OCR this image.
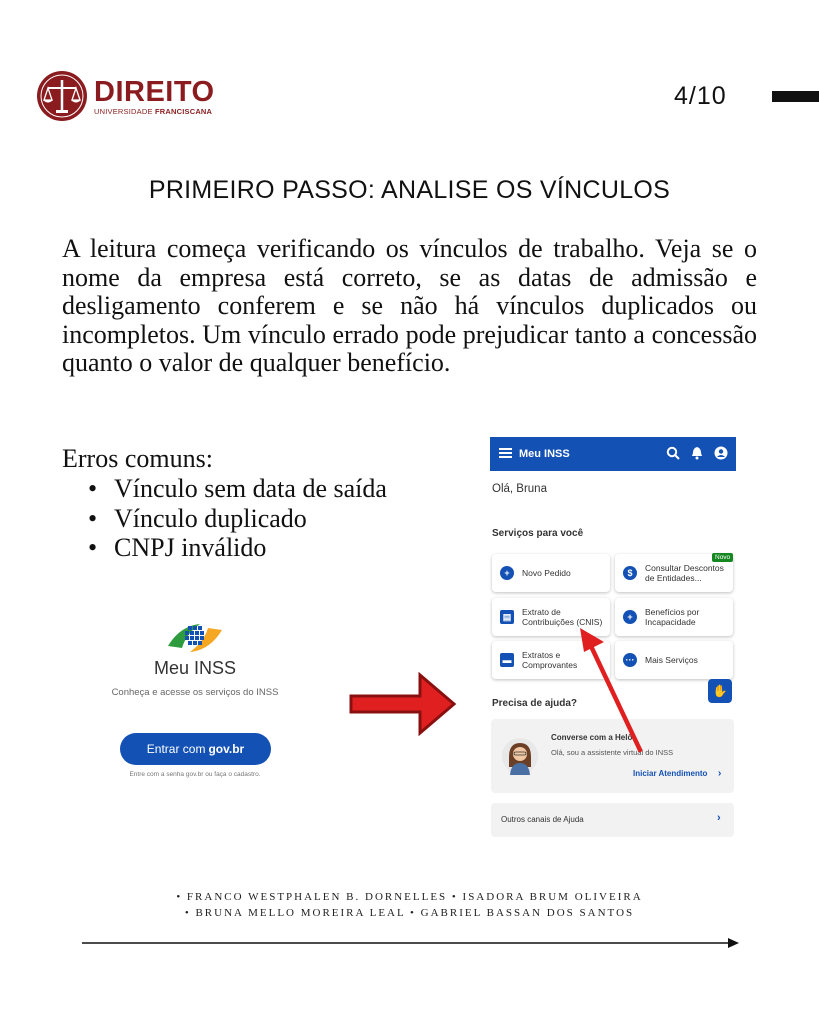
DIREITO
UNIVERSIDADE FRANCISCANA
4/10
PRIMEIRO PASSO: ANALISE OS VÍNCULOS

A leitura começa verificando os vínculos de trabalho. Veja se o nome da empresa está correto, se as datas de admissão e desligamento conferem e se não há vínculos duplicados ou incompletos. Um vínculo errado pode prejudicar tanto a concessão quanto o valor de qualquer benefício.

Erros comuns:
• Vínculo sem data de saída
• Vínculo duplicado
• CNPJ inválido
Meu INSS
Conheça e acesse os serviços do INSS
Entrar com gov.br
Entre com a senha gov.br ou faça o cadastro.
Meu INSS
Olá, Bruna
Serviços para você
+	Novo Pedido	$
Consultar Descontos de Entidades...
Novo
▤	Extrato de Contribuições (CNIS)	+
Benefícios por Incapacidade
▬
Extratos e Comprovantes	··· Mais Serviços
✋
Precisa de ajuda?
Converse com a Helô
Olá, sou a assistente virtual do INSS
Iniciar Atendimento ›
Outros canais de Ajuda	›
• FRANCO WESTPHALEN B. DORNELLES • ISADORA BRUM OLIVEIRA
• BRUNA MELLO MOREIRA LEAL • GABRIEL BASSAN DOS SANTOS
